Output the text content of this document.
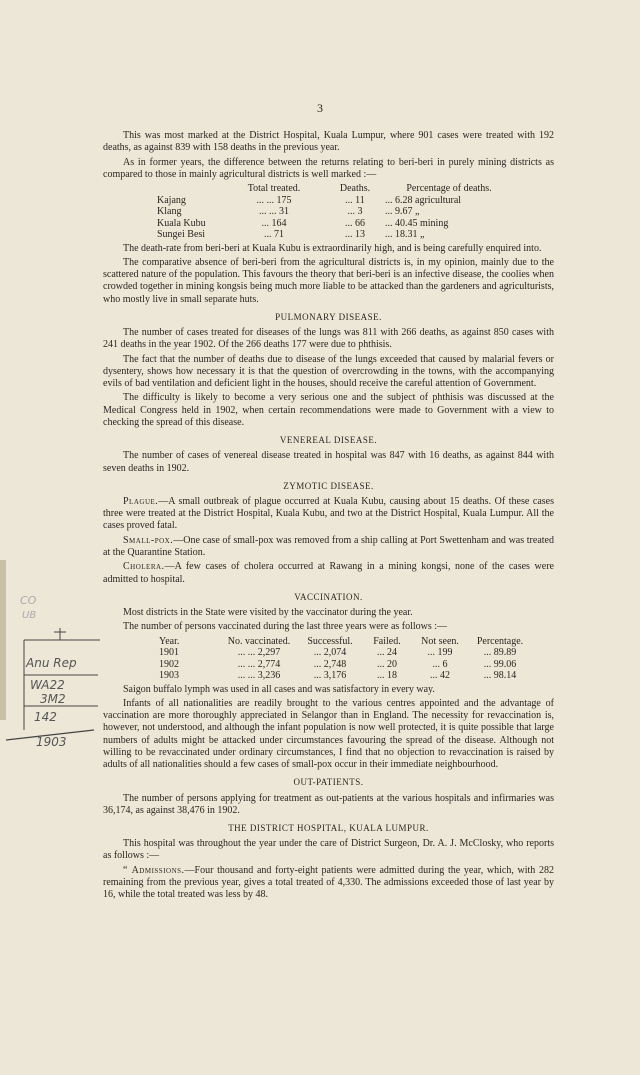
3

This was most marked at the District Hospital, Kuala Lumpur, where 901 cases were treated with 192 deaths, as against 839 with 158 deaths in the previous year.

As in former years, the difference between the returns relating to beri-beri in purely mining districts as compared to those in mainly agricultural districts is well marked :—

	Total treated.	Deaths.	Percentage of deaths.
Kajang	... ... 175	... 11	... 6.28 agricultural
Klang	... ... 31	... 3	... 9.67 „
Kuala Kubu	... 164	... 66	... 40.45 mining
Sungei Besi	... 71	... 13	... 18.31 „

The death-rate from beri-beri at Kuala Kubu is extraordinarily high, and is being carefully enquired into.

The comparative absence of beri-beri from the agricultural districts is, in my opinion, mainly due to the scattered nature of the population. This favours the theory that beri-beri is an infective disease, the coolies when crowded together in mining kongsis being much more liable to be attacked than the gardeners and agriculturists, who mostly live in small separate huts.

PULMONARY DISEASE.

The number of cases treated for diseases of the lungs was 811 with 266 deaths, as against 850 cases with 241 deaths in the year 1902. Of the 266 deaths 177 were due to phthisis.

The fact that the number of deaths due to disease of the lungs exceeded that caused by malarial fevers or dysentery, shows how necessary it is that the question of overcrowding in the towns, with the accompanying evils of bad ventilation and deficient light in the houses, should receive the careful attention of Government.

The difficulty is likely to become a very serious one and the subject of phthisis was discussed at the Medical Congress held in 1902, when certain recommendations were made to Government with a view to checking the spread of this disease.

VENEREAL DISEASE.

The number of cases of venereal disease treated in hospital was 847 with 16 deaths, as against 844 with seven deaths in 1902.

ZYMOTIC DISEASE.

Plague.—A small outbreak of plague occurred at Kuala Kubu, causing about 15 deaths. Of these cases three were treated at the District Hospital, Kuala Kubu, and two at the District Hospital, Kuala Lumpur. All the cases proved fatal.

Small-pox.—One case of small-pox was removed from a ship calling at Port Swettenham and was treated at the Quarantine Station.

Cholera.—A few cases of cholera occurred at Rawang in a mining kongsi, none of the cases were admitted to hospital.

VACCINATION.

Most districts in the State were visited by the vaccinator during the year.

The number of persons vaccinated during the last three years were as follows :—

Year.	No. vaccinated.	Successful.	Failed.	Not seen.	Percentage.
1901	... ... 2,297	... 2,074	... 24	... 199	... 89.89
1902	... ... 2,774	... 2,748	... 20	... 6	... 99.06
1903	... ... 3,236	... 3,176	... 18	... 42	... 98.14

Saigon buffalo lymph was used in all cases and was satisfactory in every way.

Infants of all nationalities are readily brought to the various centres appointed and the advantage of vaccination are more thoroughly appreciated in Selangor than in England. The necessity for revaccination is, however, not understood, and although the infant population is now well protected, it is quite possible that large numbers of adults might be attacked under circumstances favouring the spread of the disease. Although not willing to be revaccinated under ordinary circumstances, I find that no objection to revaccination is raised by adults of all nationalities should a few cases of small-pox occur in their immediate neighbourhood.

OUT-PATIENTS.

The number of persons applying for treatment as out-patients at the various hospitals and infirmaries was 36,174, as against 38,476 in 1902.

THE DISTRICT HOSPITAL, KUALA LUMPUR.

This hospital was throughout the year under the care of District Surgeon, Dr. A. J. McClosky, who reports as follows :—

“ Admissions.—Four thousand and forty-eight patients were admitted during the year, which, with 282 remaining from the previous year, gives a total treated of 4,330. The admissions exceeded those of last year by 16, while the total treated was less by 48.

CO
UB
Anu Rep
WA22
3M2
142
1903
